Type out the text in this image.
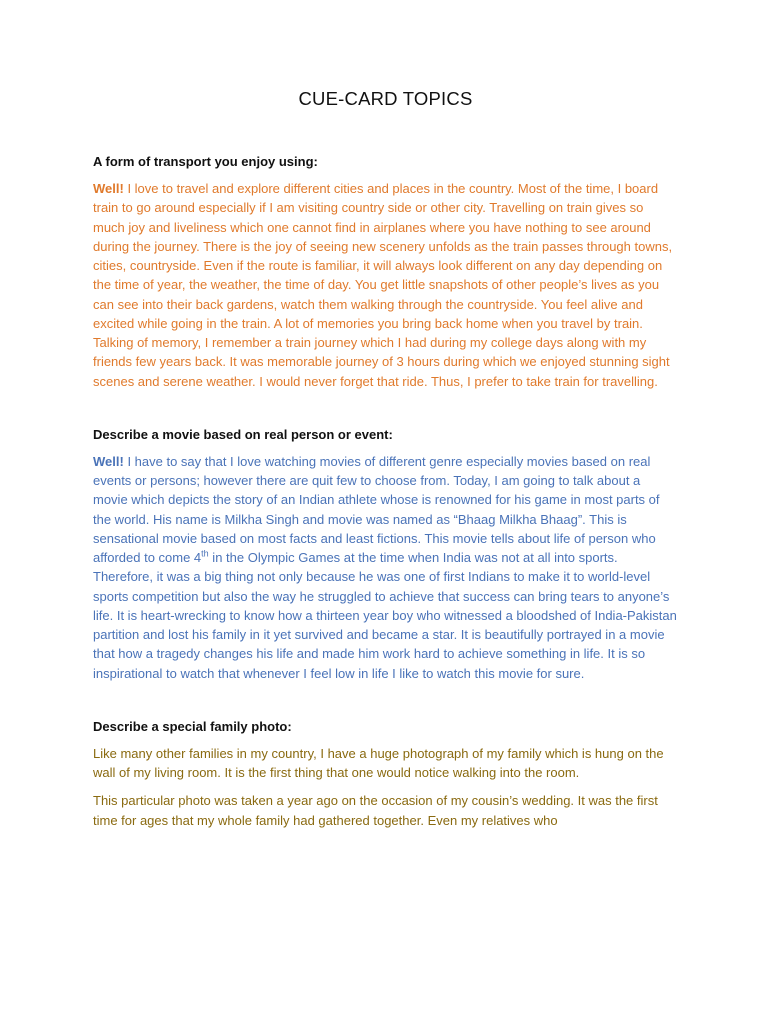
CUE-CARD TOPICS
A form of transport you enjoy using:

Well! I love to travel and explore different cities and places in the country. Most of the time, I board train to go around especially if I am visiting country side or other city. Travelling on train gives so much joy and liveliness which one cannot find in airplanes where you have nothing to see around during the journey. There is the joy of seeing new scenery unfolds as the train passes through towns, cities, countryside. Even if the route is familiar, it will always look different on any day depending on the time of year, the weather, the time of day. You get little snapshots of other people’s lives as you can see into their back gardens, watch them walking through the countryside. You feel alive and excited while going in the train. A lot of memories you bring back home when you travel by train. Talking of memory, I remember a train journey which I had during my college days along with my friends few years back. It was memorable journey of 3 hours during which we enjoyed stunning sight scenes and serene weather. I would never forget that ride. Thus, I prefer to take train for travelling.

Describe a movie based on real person or event:

Well! I have to say that I love watching movies of different genre especially movies based on real events or persons; however there are quit few to choose from. Today, I am going to talk about a movie which depicts the story of an Indian athlete whose is renowned for his game in most parts of the world. His name is Milkha Singh and movie was named as “Bhaag Milkha Bhaag”. This is sensational movie based on most facts and least fictions. This movie tells about life of person who afforded to come 4th in the Olympic Games at the time when India was not at all into sports. Therefore, it was a big thing not only because he was one of first Indians to make it to world-level sports competition but also the way he struggled to achieve that success can bring tears to anyone’s life. It is heart-wrecking to know how a thirteen year boy who witnessed a bloodshed of India-Pakistan partition and lost his family in it yet survived and became a star. It is beautifully portrayed in a movie that how a tragedy changes his life and made him work hard to achieve something in life. It is so inspirational to watch that whenever I feel low in life I like to watch this movie for sure.

Describe a special family photo:

Like many other families in my country, I have a huge photograph of my family which is hung on the wall of my living room. It is the first thing that one would notice walking into the room.

This particular photo was taken a year ago on the occasion of my cousin’s wedding. It was the first time for ages that my whole family had gathered together. Even my relatives who
